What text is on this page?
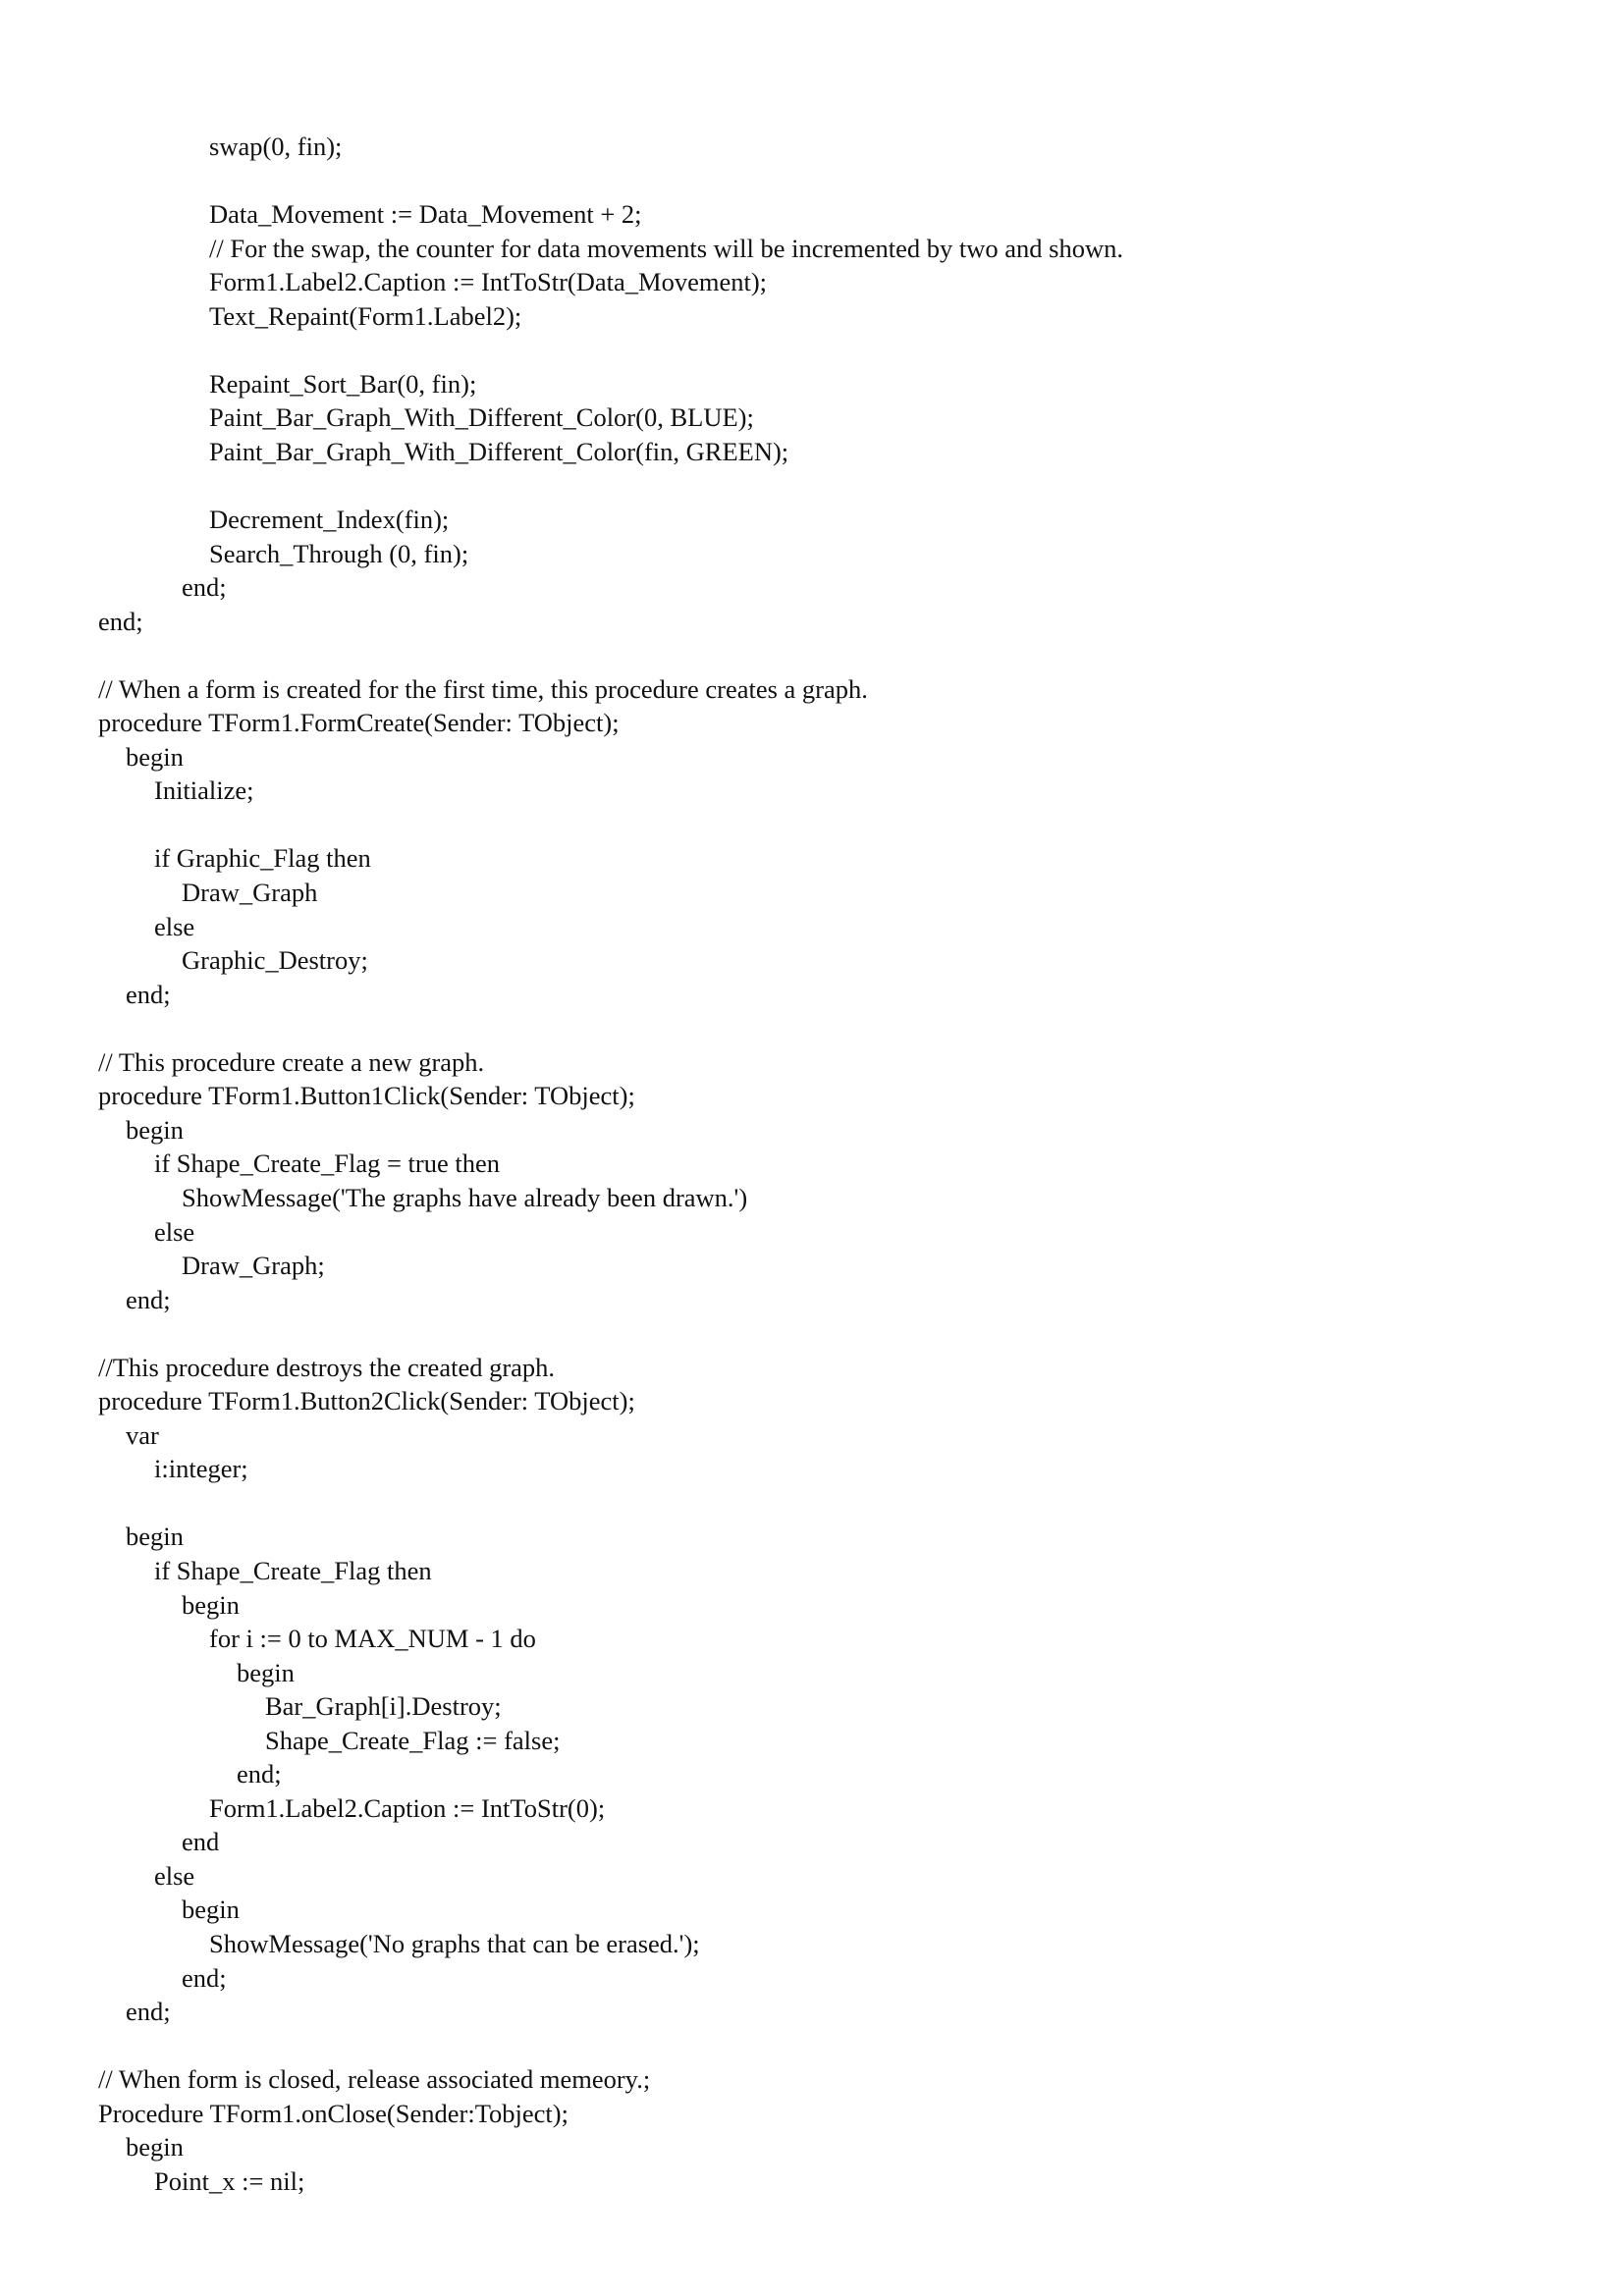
swap(0, fin);
Data_Movement := Data_Movement + 2;
// For the swap, the counter for data movements will be incremented by two and shown.
Form1.Label2.Caption := IntToStr(Data_Movement);
Text_Repaint(Form1.Label2);
Repaint_Sort_Bar(0, fin);
Paint_Bar_Graph_With_Different_Color(0, BLUE);
Paint_Bar_Graph_With_Different_Color(fin, GREEN);
Decrement_Index(fin);
Search_Through (0, fin);
end;
end;
// When a form is created for the first time, this procedure creates a graph.
procedure TForm1.FormCreate(Sender: TObject);
begin
Initialize;
if Graphic_Flag then
Draw_Graph
else
Graphic_Destroy;
end;
// This procedure create a new graph.
procedure TForm1.Button1Click(Sender: TObject);
begin
if Shape_Create_Flag = true then
ShowMessage('The graphs have already been drawn.')
else
Draw_Graph;
end;
//This procedure destroys the created graph.
procedure TForm1.Button2Click(Sender: TObject);
var
i:integer;
begin
if Shape_Create_Flag then
begin
for i := 0 to MAX_NUM - 1 do
begin
Bar_Graph[i].Destroy;
Shape_Create_Flag := false;
end;
Form1.Label2.Caption := IntToStr(0);
end
else
begin
ShowMessage('No graphs that can be erased.');
end;
end;
// When form is closed, release associated memeory.;
Procedure TForm1.onClose(Sender:Tobject);
begin
Point_x := nil;
